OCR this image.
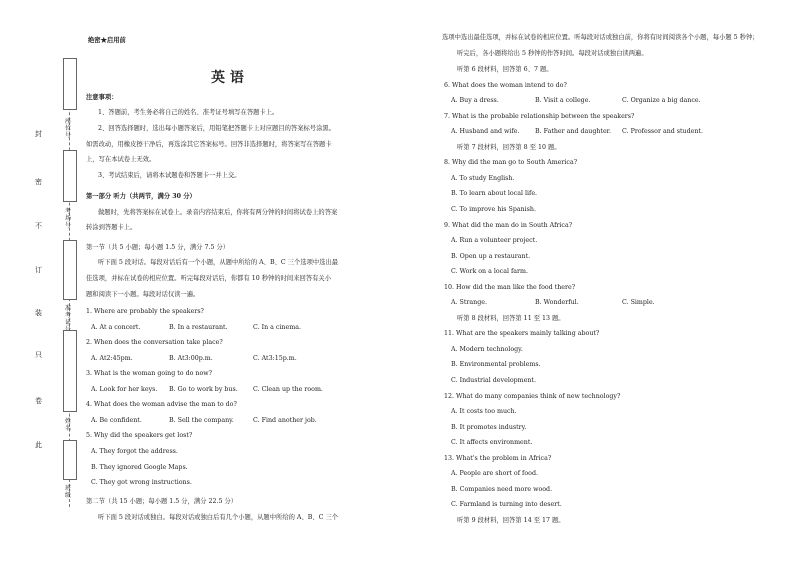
封
密
不
订
装
只
卷
此
座位号
考场号
准考证
姓名
班级
绝密★启用前
英 语
注意事项：
1、答题前，考生务必将自己的姓名、准考证号填写在答题卡上。
2、回答选择题时，选出每小题答案后，用铅笔把答题卡上对应题目的答案标号涂黑。
如需改动，用橡皮擦干净后，再选涂其它答案标号。回答非选择题时，将答案写在答题卡
上，写在本试卷上无效。
3、考试结束后，请将本试题卷和答题卡一并上交。
第一部分 听力（共两节，满分 30 分）
做题时，先将答案标在试卷上。录音内容结束后，你将有两分钟的时间将试卷上的答案
转涂到答题卡上。
第一节（共 5 小题；每小题 1.5 分，满分 7.5 分）
听下面 5 段对话。每段对话后有一个小题，从题中所给的 A、B、C 三个选项中选出最
佳选项，并标在试卷的相应位置。听完每段对话后，你都有 10 秒钟的时间来回答有关小
题和阅读下一小题。每段对话仅读一遍。
1. Where are probably the speakers?
A. At a concert.	B. In a restaurant.	C. In a cinema.
2. When does the conversation take place?
A. At2:45pm.	B. At3:00p.m.	C. At3:15p.m.
3. What is the woman going to do now?
A. Look for her keys. B. Go to work by bus. C. Clean up the room.
4. What does the woman advise the man to do?
A. Be confident.	B. Sell the company.	C. Find another job.
5. Why did the speakers get lost?
A. They forgot the address.
B. They ignored Google Maps.
C. They got wrong instructions.
第二节（共 15 小题；每小题 1.5 分，满分 22.5 分）
听下面 5 段对话或独白。每段对话或独白后有几个小题，从题中所给的 A、B、C 三个
选项中选出最佳选项，并标在试卷的相应位置。听每段对话或独白前，你将有时间阅读各个小题，每小题 5 秒钟；
听完后，各小题将给出 5 秒钟的作答时间。每段对话或独白读两遍。
听第 6 段材料，回答第 6、7 题。
6. What does the woman intend to do?
A. Buy a dress.	B. Visit a college.	C. Organize a big dance.
7. What is the probable relationship between the speakers?
A. Husband and wife. B. Father and daughter. C. Professor and student.
听第 7 段材料，回答第 8 至 10 题。
8. Why did the man go to South America?
A. To study English.
B. To learn about local life.
C. To improve his Spanish.
9. What did the man do in South Africa?
A. Run a volunteer project.
B. Open up a restaurant.
C. Work on a local farm.
10. How did the man like the food there?
A. Strange.	B. Wonderful.	C. Simple.
听第 8 段材料，回答第 11 至 13 题。
11. What are the speakers mainly talking about?
A. Modern technology.
B. Environmental problems.
C. Industrial development.
12. What do many companies think of new technology?
A. It costs too much.
B. It promotes industry.
C. It affects environment.
13. What's the problem in Africa?
A. People are short of food.
B. Companies need more wood.
C. Farmland is turning into desert.
听第 9 段材料，回答第 14 至 17 题。
